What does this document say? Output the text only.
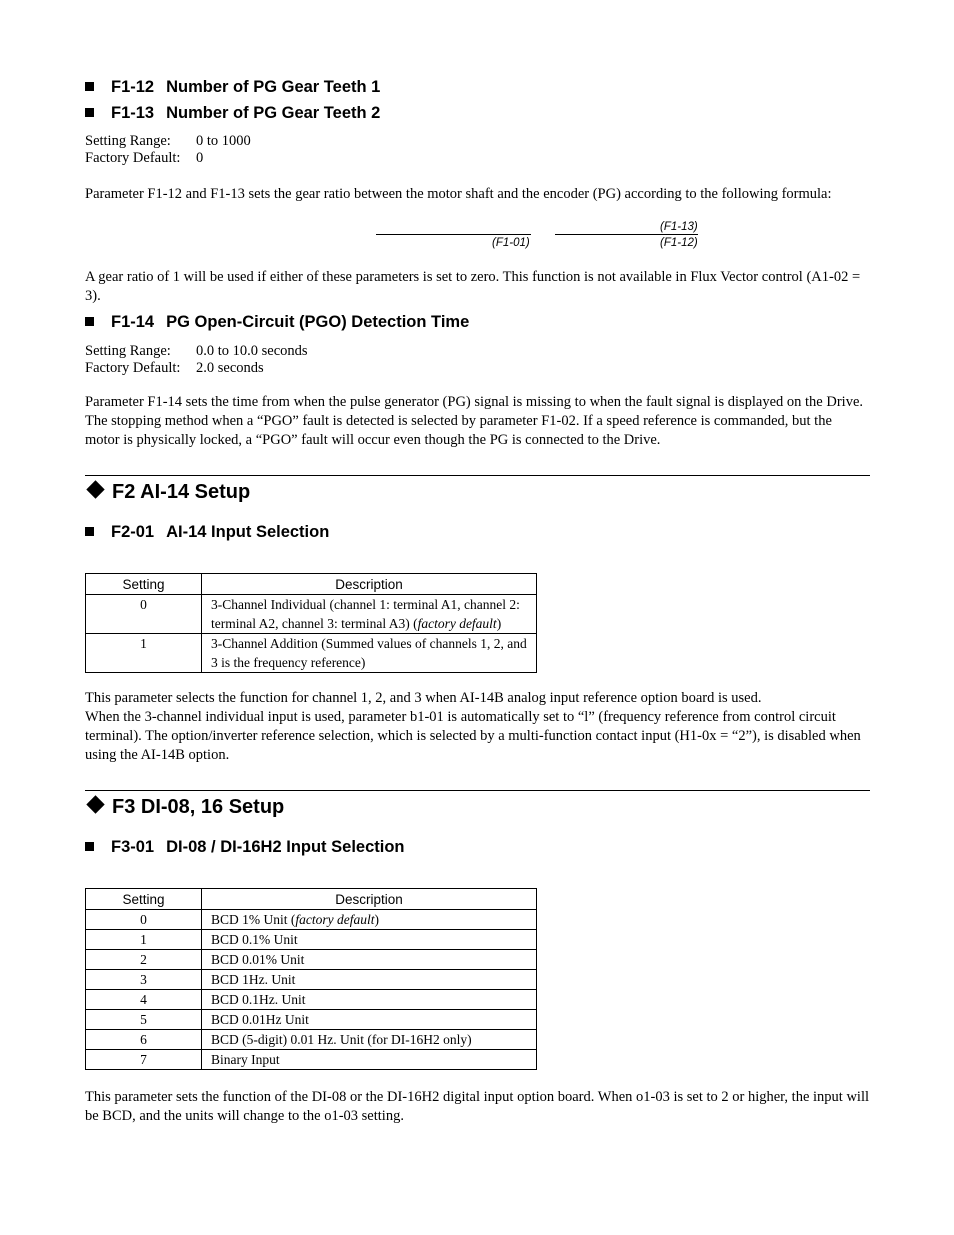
F1-12 Number of PG Gear Teeth 1
F1-13 Number of PG Gear Teeth 2
Setting Range: 0 to 1000
Factory Default: 0
Parameter F1-12 and F1-13 sets the gear ratio between the motor shaft and the encoder (PG) according to the following formula:
(F1-13)
(F1-01)	(F1-12)
A gear ratio of 1 will be used if either of these parameters is set to zero. This function is not available in Flux Vector control (A1-02 = 3).
F1-14 PG Open-Circuit (PGO) Detection Time
Setting Range: 0.0 to 10.0 seconds
Factory Default: 2.0 seconds
Parameter F1-14 sets the time from when the pulse generator (PG) signal is missing to when the fault signal is displayed on the Drive. The stopping method when a “PGO” fault is detected is selected by parameter F1-02. If a speed reference is commanded, but the motor is physically locked, a “PGO” fault will occur even though the PG is connected to the Drive.
F2 AI-14 Setup
F2-01 AI-14 Input Selection
Setting	Description
0	3-Channel Individual (channel 1: terminal A1, channel 2: terminal A2, channel 3: terminal A3) (factory default)
1	3-Channel Addition (Summed values of channels 1, 2, and 3 is the frequency reference)
This parameter selects the function for channel 1, 2, and 3 when AI-14B analog input reference option board is used.
When the 3-channel individual input is used, parameter b1-01 is automatically set to “l” (frequency reference from control circuit terminal). The option/inverter reference selection, which is selected by a multi-function contact input (H1-0x = “2”), is disabled when using the AI-14B option.
F3 DI-08, 16 Setup
F3-01 DI-08 / DI-16H2 Input Selection
Setting	Description
0	BCD 1% Unit (factory default)
1	BCD 0.1% Unit
2	BCD 0.01% Unit
3	BCD 1Hz. Unit
4	BCD 0.1Hz. Unit
5	BCD 0.01Hz Unit
6	BCD (5-digit) 0.01 Hz. Unit (for DI-16H2 only)
7	Binary Input
This parameter sets the function of the DI-08 or the DI-16H2 digital input option board. When o1-03 is set to 2 or higher, the input will be BCD, and the units will change to the o1-03 setting.
